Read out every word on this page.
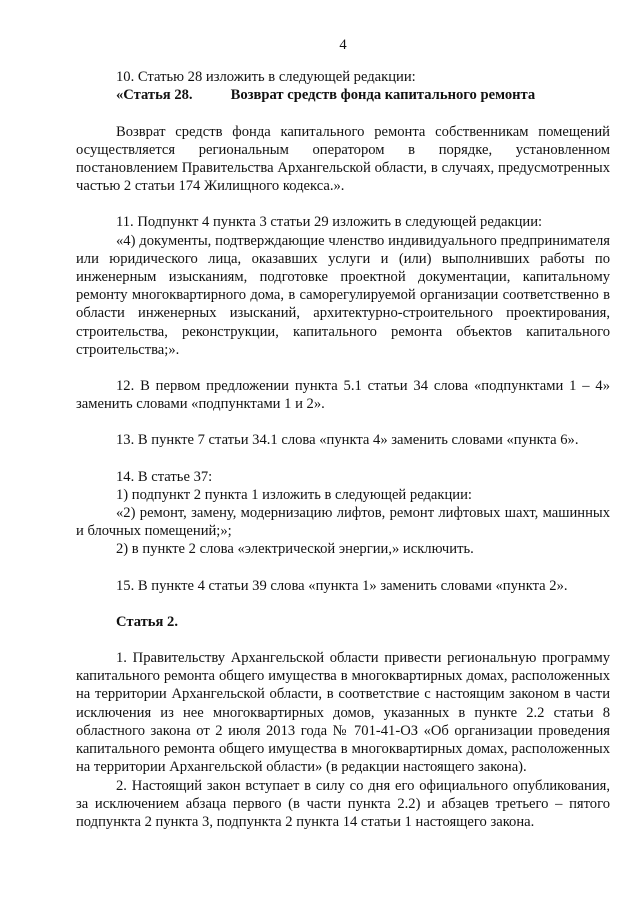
4

10. Статью 28 изложить в следующей редакции:

«Статья 28.	Возврат средств фонда капитального ремонта

Возврат средств фонда капитального ремонта собственникам помещений осуществляется региональным оператором в порядке, установленном постановлением Правительства Архангельской области, в случаях, предусмотренных частью 2 статьи 174 Жилищного кодекса.».

11. Подпункт 4 пункта 3 статьи 29 изложить в следующей редакции:

«4) документы, подтверждающие членство индивидуального предпринимателя или юридического лица, оказавших услуги и (или) выполнивших работы по инженерным изысканиям, подготовке проектной документации, капитальному ремонту многоквартирного дома, в саморегулируемой организации соответственно в области инженерных изысканий, архитектурно-строительного проектирования, строительства, реконструкции, капитального ремонта объектов капитального строительства;».

12. В первом предложении пункта 5.1 статьи 34 слова «подпунктами 1 – 4» заменить словами «подпунктами 1 и 2».

13. В пункте 7 статьи 34.1 слова «пункта 4» заменить словами «пункта 6».

14. В статье 37:

1) подпункт 2 пункта 1 изложить в следующей редакции:

«2) ремонт, замену, модернизацию лифтов, ремонт лифтовых шахт, машинных и блочных помещений;»;

2) в пункте 2 слова «электрической энергии,» исключить.

15. В пункте 4 статьи 39 слова «пункта 1» заменить словами «пункта 2».

Статья 2.

1. Правительству Архангельской области привести региональную программу капитального ремонта общего имущества в многоквартирных домах, расположенных на территории Архангельской области, в соответствие с настоящим законом в части исключения из нее многоквартирных домов, указанных в пункте 2.2 статьи 8 областного закона от 2 июля 2013 года № 701-41-ОЗ «Об организации проведения капитального ремонта общего имущества в многоквартирных домах, расположенных на территории Архангельской области» (в редакции настоящего закона).

2. Настоящий закон вступает в силу со дня его официального опубликования, за исключением абзаца первого (в части пункта 2.2) и абзацев третьего – пятого подпункта 2 пункта 3, подпункта 2 пункта 14 статьи 1 настоящего закона.
